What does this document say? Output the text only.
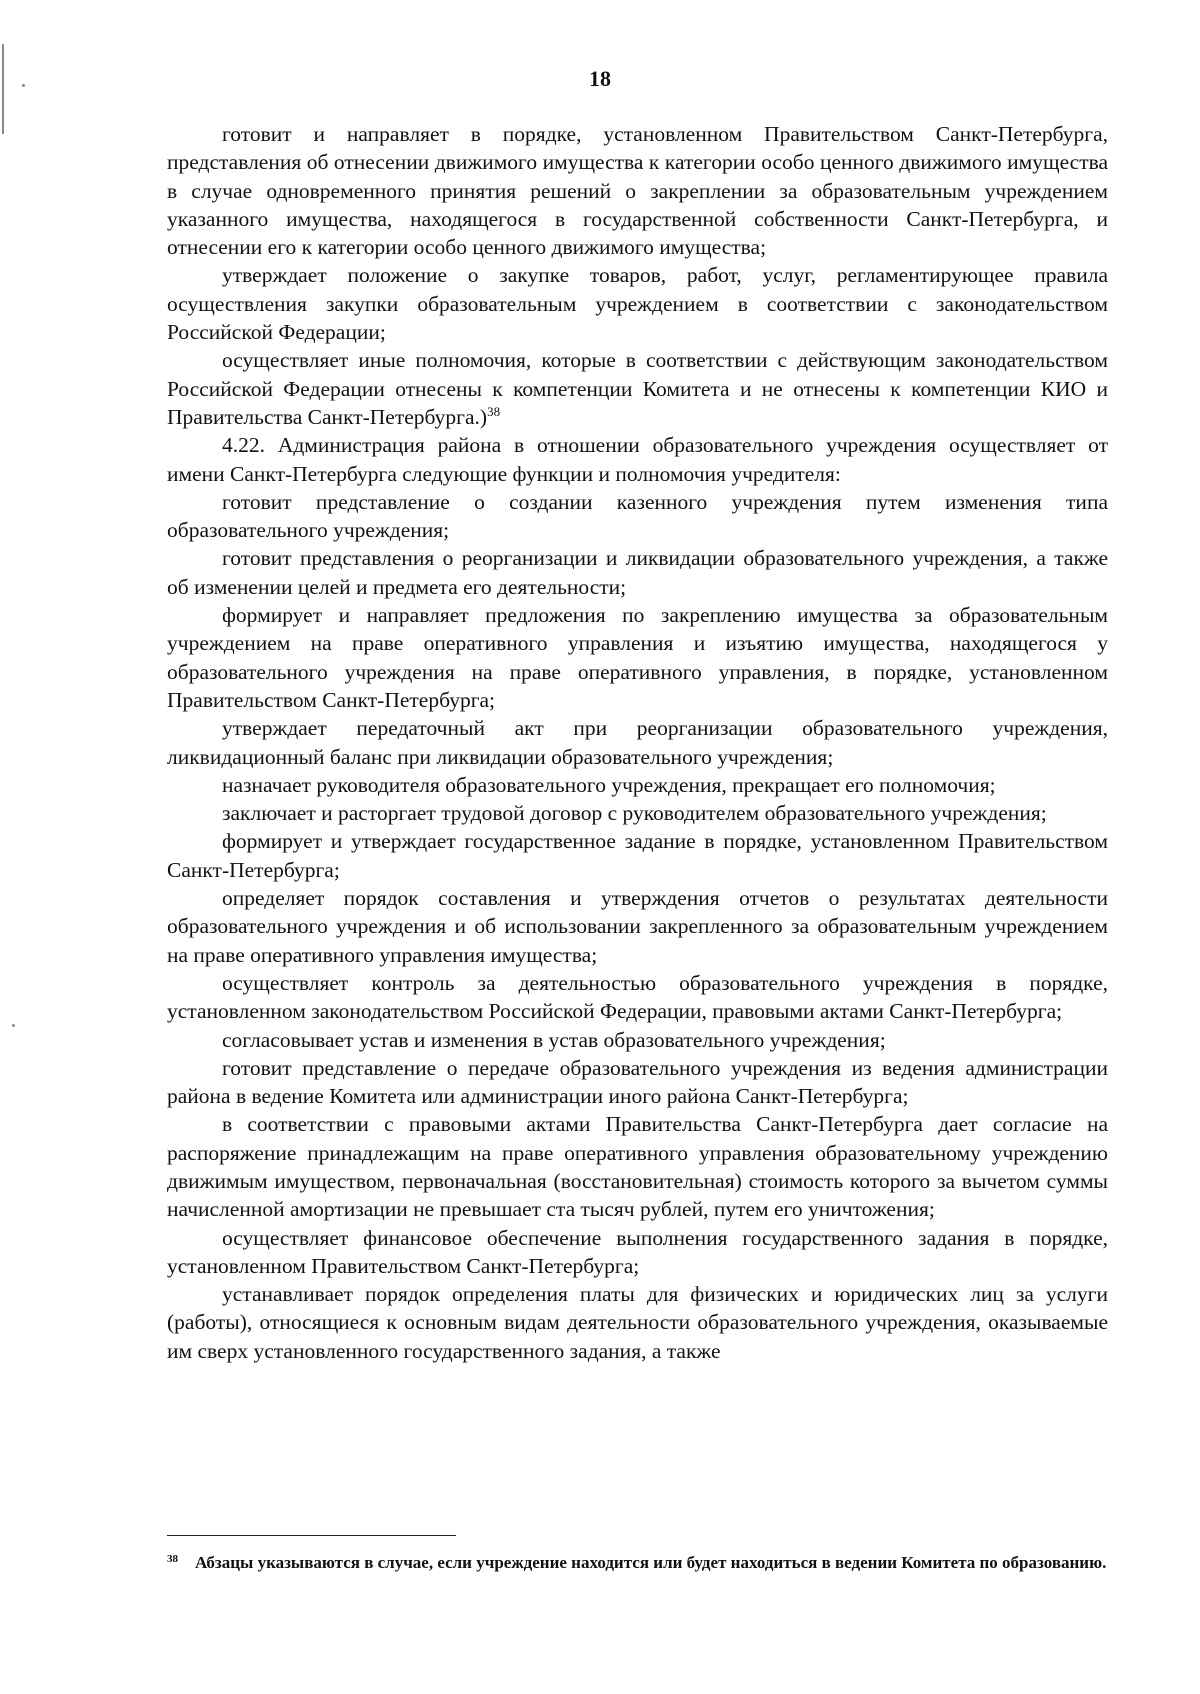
18

готовит и направляет в порядке, установленном Правительством Санкт-Петербурга, представления об отнесении движимого имущества к категории особо ценного движимого имущества в случае одновременного принятия решений о закреплении за образовательным учреждением указанного имущества, находящегося в государственной собственности Санкт-Петербурга, и отнесении его к категории особо ценного движимого имущества;

утверждает положение о закупке товаров, работ, услуг, регламентирующее правила осуществления закупки образовательным учреждением в соответствии с законодательством Российской Федерации;

осуществляет иные полномочия, которые в соответствии с действующим законодательством Российской Федерации отнесены к компетенции Комитета и не отнесены к компетенции КИО и Правительства Санкт-Петербурга.)$^{38}$

4.22. Администрация района в отношении образовательного учреждения осуществляет от имени Санкт-Петербурга следующие функции и полномочия учредителя:

готовит представление о создании казенного учреждения путем изменения типа образовательного учреждения;

готовит представления о реорганизации и ликвидации образовательного учреждения, а также об изменении целей и предмета его деятельности;

формирует и направляет предложения по закреплению имущества за образовательным учреждением на праве оперативного управления и изъятию имущества, находящегося у образовательного учреждения на праве оперативного управления, в порядке, установленном Правительством Санкт-Петербурга;

утверждает передаточный акт при реорганизации образовательного учреждения, ликвидационный баланс при ликвидации образовательного учреждения;

назначает руководителя образовательного учреждения, прекращает его полномочия;

заключает и расторгает трудовой договор с руководителем образовательного учреждения;

формирует и утверждает государственное задание в порядке, установленном Правительством Санкт-Петербурга;

определяет порядок составления и утверждения отчетов о результатах деятельности образовательного учреждения и об использовании закрепленного за образовательным учреждением на праве оперативного управления имущества;

осуществляет контроль за деятельностью образовательного учреждения в порядке, установленном законодательством Российской Федерации, правовыми актами Санкт-Петербурга;

согласовывает устав и изменения в устав образовательного учреждения;

готовит представление о передаче образовательного учреждения из ведения администрации района в ведение Комитета или администрации иного района Санкт-Петербурга;

в соответствии с правовыми актами Правительства Санкт-Петербурга дает согласие на распоряжение принадлежащим на праве оперативного управления образовательному учреждению движимым имуществом, первоначальная (восстановительная) стоимость которого за вычетом суммы начисленной амортизации не превышает ста тысяч рублей, путем его уничтожения;

осуществляет финансовое обеспечение выполнения государственного задания в порядке, установленном Правительством Санкт-Петербурга;

устанавливает порядок определения платы для физических и юридических лиц за услуги (работы), относящиеся к основным видам деятельности образовательного учреждения, оказываемые им сверх установленного государственного задания, а также

38	Абзацы указываются в случае, если учреждение находится или будет находиться в ведении Комитета по образованию.
